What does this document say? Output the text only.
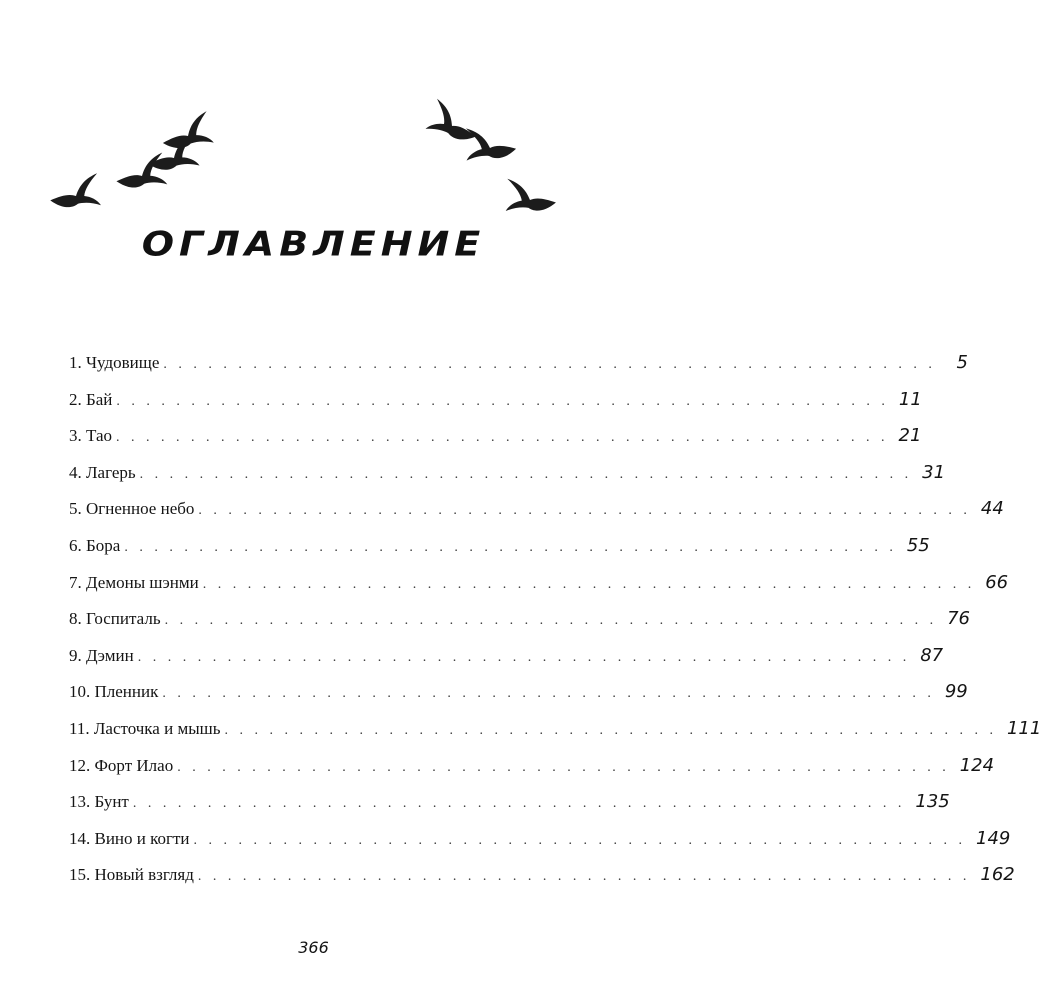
ОГЛАВЛЕНИЕ
1. Чудовище . . . . . . . . . . . . . . . . . . . . . . . . . . . . . . . . . . . . . . . . . . . . . . . . . . . .	5
2. Бай . . . . . . . . . . . . . . . . . . . . . . . . . . . . . . . . . . . . . . . . . . . . . . . . . . . . 11
3. Тао . . . . . . . . . . . . . . . . . . . . . . . . . . . . . . . . . . . . . . . . . . . . . . . . . . . . 21
4. Лагерь . . . . . . . . . . . . . . . . . . . . . . . . . . . . . . . . . . . . . . . . . . . . . . . . . . . . 31
5. Огненное небо . . . . . . . . . . . . . . . . . . . . . . . . . . . . . . . . . . . . . . . . . . . . . . . . . . . . 44
6. Бора . . . . . . . . . . . . . . . . . . . . . . . . . . . . . . . . . . . . . . . . . . . . . . . . . . . . 55
7. Демоны шэнми . . . . . . . . . . . . . . . . . . . . . . . . . . . . . . . . . . . . . . . . . . . . . . . . . . . . 66
8. Госпиталь . . . . . . . . . . . . . . . . . . . . . . . . . . . . . . . . . . . . . . . . . . . . . . . . . . . . 76
9. Дэмин . . . . . . . . . . . . . . . . . . . . . . . . . . . . . . . . . . . . . . . . . . . . . . . . . . . . 87
10. Пленник . . . . . . . . . . . . . . . . . . . . . . . . . . . . . . . . . . . . . . . . . . . . . . . . . . . . 99
11. Ласточка и мышь . . . . . . . . . . . . . . . . . . . . . . . . . . . . . . . . . . . . . . . . . . . . . . . . . . . . 111
12. Форт Илао . . . . . . . . . . . . . . . . . . . . . . . . . . . . . . . . . . . . . . . . . . . . . . . . . . . . 124
13. Бунт . . . . . . . . . . . . . . . . . . . . . . . . . . . . . . . . . . . . . . . . . . . . . . . . . . . . 135
14. Вино и когти . . . . . . . . . . . . . . . . . . . . . . . . . . . . . . . . . . . . . . . . . . . . . . . . . . . . 149
15. Новый взгляд . . . . . . . . . . . . . . . . . . . . . . . . . . . . . . . . . . . . . . . . . . . . . . . . . . . . 162
366
